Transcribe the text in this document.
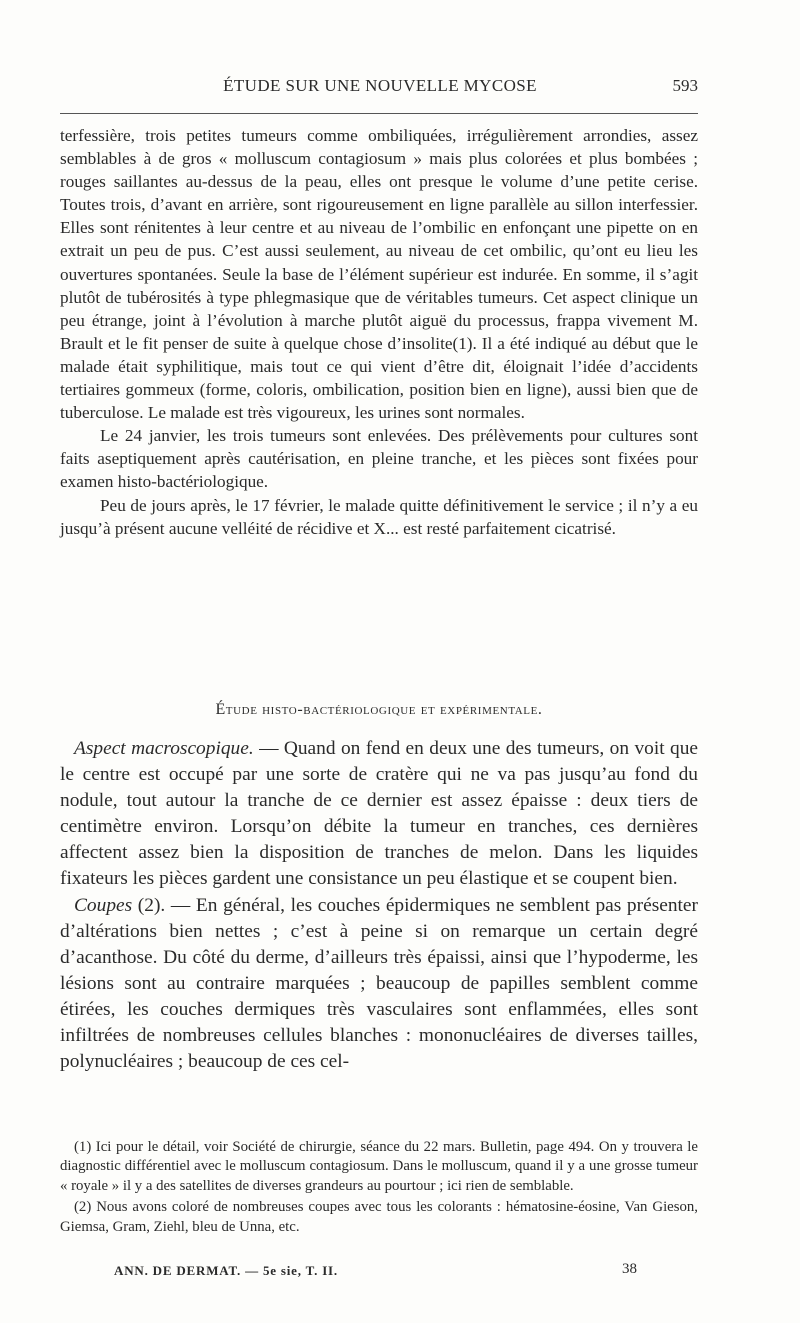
ÉTUDE SUR UNE NOUVELLE MYCOSE	593

terfessière, trois petites tumeurs comme ombiliquées, irrégulièrement arrondies, assez semblables à de gros « molluscum contagiosum » mais plus colorées et plus bombées ; rouges saillantes au-dessus de la peau, elles ont presque le volume d’une petite cerise. Toutes trois, d’avant en arrière, sont rigoureusement en ligne parallèle au sillon interfessier. Elles sont rénitentes à leur centre et au niveau de l’ombilic en enfonçant une pipette on en extrait un peu de pus. C’est aussi seulement, au niveau de cet ombilic, qu’ont eu lieu les ouvertures spontanées. Seule la base de l’élément supérieur est indurée. En somme, il s’agit plutôt de tubérosités à type phlegmasique que de véritables tumeurs. Cet aspect clinique un peu étrange, joint à l’évolution à marche plutôt aiguë du processus, frappa vivement M. Brault et le fit penser de suite à quelque chose d’insolite(1). Il a été indiqué au début que le malade était syphilitique, mais tout ce qui vient d’être dit, éloignait l’idée d’accidents tertiaires gommeux (forme, coloris, ombilication, position bien en ligne), aussi bien que de tuberculose. Le malade est très vigoureux, les urines sont normales.

Le 24 janvier, les trois tumeurs sont enlevées. Des prélèvements pour cultures sont faits aseptiquement après cautérisation, en pleine tranche, et les pièces sont fixées pour examen histo-bactériologique.

Peu de jours après, le 17 février, le malade quitte définitivement le service ; il n’y a eu jusqu’à présent aucune velléité de récidive et X... est resté parfaitement cicatrisé.

Étude histo-bactériologique et expérimentale.

Aspect macroscopique. — Quand on fend en deux une des tumeurs, on voit que le centre est occupé par une sorte de cratère qui ne va pas jusqu’au fond du nodule, tout autour la tranche de ce dernier est assez épaisse : deux tiers de centimètre environ. Lorsqu’on débite la tumeur en tranches, ces dernières affectent assez bien la disposition de tranches de melon. Dans les liquides fixateurs les pièces gardent une consistance un peu élastique et se coupent bien.

Coupes (2). — En général, les couches épidermiques ne semblent pas présenter d’altérations bien nettes ; c’est à peine si on remarque un certain degré d’acanthose. Du côté du derme, d’ailleurs très épaissi, ainsi que l’hypoderme, les lésions sont au contraire marquées ; beaucoup de papilles semblent comme étirées, les couches dermiques très vasculaires sont enflammées, elles sont infiltrées de nombreuses cellules blanches : mononucléaires de diverses tailles, polynucléaires ; beaucoup de ces cel-

(1) Ici pour le détail, voir Société de chirurgie, séance du 22 mars. Bulletin, page 494. On y trouvera le diagnostic différentiel avec le molluscum contagiosum. Dans le molluscum, quand il y a une grosse tumeur « royale » il y a des satellites de diverses grandeurs au pourtour ; ici rien de semblable.

(2) Nous avons coloré de nombreuses coupes avec tous les colorants : hématosine-éosine, Van Gieson, Giemsa, Gram, Ziehl, bleu de Unna, etc.

ANN. DE DERMAT. — 5e sie, T. II.	38
